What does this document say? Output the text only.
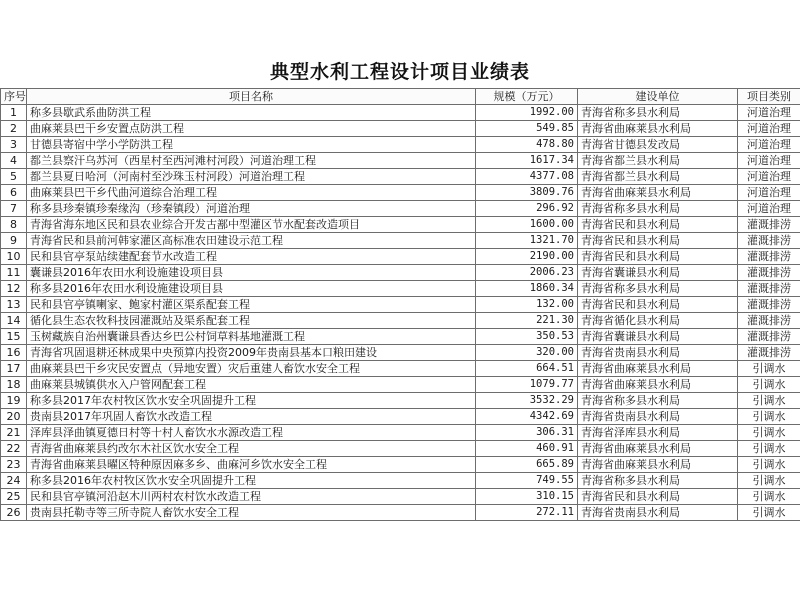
典型水利工程设计项目业绩表
序号	项目名称	规模（万元）	建设单位	项目类别
1	称多县歇武系曲防洪工程	1992.00	青海省称多县水利局	河道治理
2	曲麻莱县巴干乡安置点防洪工程	549.85	青海省曲麻莱县水利局	河道治理
3	甘德县寄宿中学小学防洪工程	478.80	青海省甘德县发改局	河道治理
4	都兰县察汗乌苏河（西星村至西河滩村河段）河道治理工程	1617.34	青海省都兰县水利局	河道治理
5	都兰县夏日哈河（河南村至沙珠玉村河段）河道治理工程	4377.08	青海省都兰县水利局	河道治理
6	曲麻莱县巴干乡代曲河道综合治理工程	3809.76	青海省曲麻莱县水利局	河道治理
7	称多县珍秦镇珍秦缘沟（珍秦镇段）河道治理	296.92	青海省称多县水利局	河道治理
8	青海省海东地区民和县农业综合开发古鄯中型灌区节水配套改造项目	1600.00	青海省民和县水利局	灌溉排涝
9	青海省民和县前河韩家灌区高标准农田建设示范工程	1321.70	青海省民和县水利局	灌溉排涝
10	民和县官亭泵站续建配套节水改造工程	2190.00	青海省民和县水利局	灌溉排涝
11	囊谦县2016年农田水利设施建设项目县	2006.23	青海省囊谦县水利局	灌溉排涝
12	称多县2016年农田水利设施建设项目县	1860.34	青海省称多县水利局	灌溉排涝
13	民和县官亭镇喇家、鲍家村灌区渠系配套工程	132.00	青海省民和县水利局	灌溉排涝
14	循化县生态农牧科技园灌溉站及渠系配套工程	221.30	青海省循化县水利局	灌溉排涝
15	玉树藏族自治州囊谦县香达乡巴公村饲草料基地灌溉工程	350.53	青海省囊谦县水利局	灌溉排涝
16	青海省巩固退耕还林成果中央预算内投资2009年贵南县基本口粮田建设	320.00	青海省贵南县水利局	灌溉排涝
17	曲麻莱县巴干乡灾民安置点（异地安置）灾后重建人畜饮水安全工程	664.51	青海省曲麻莱县水利局	引调水
18	曲麻莱县城镇供水入户管网配套工程	1079.77	青海省曲麻莱县水利局	引调水
19	称多县2017年农村牧区饮水安全巩固提升工程	3532.29	青海省称多县水利局	引调水
20	贵南县2017年巩固人畜饮水改造工程	4342.69	青海省贵南县水利局	引调水
21	泽库县泽曲镇夏德日村等十村人畜饮水水源改造工程	306.31	青海省泽库县水利局	引调水
22	青海省曲麻莱县约改尔木社区饮水安全工程	460.91	青海省曲麻莱县水利局	引调水
23	青海省曲麻莱县曜区特种原因麻多乡、曲麻河乡饮水安全工程	665.89	青海省曲麻莱县水利局	引调水
24	称多县2016年农村牧区饮水安全巩固提升工程	749.55	青海省称多县水利局	引调水
25	民和县官亭镇河沿赵木川两村农村饮水改造工程	310.15	青海省民和县水利局	引调水
26	贵南县托勒寺等三所寺院人畜饮水安全工程	272.11	青海省贵南县水利局	引调水
